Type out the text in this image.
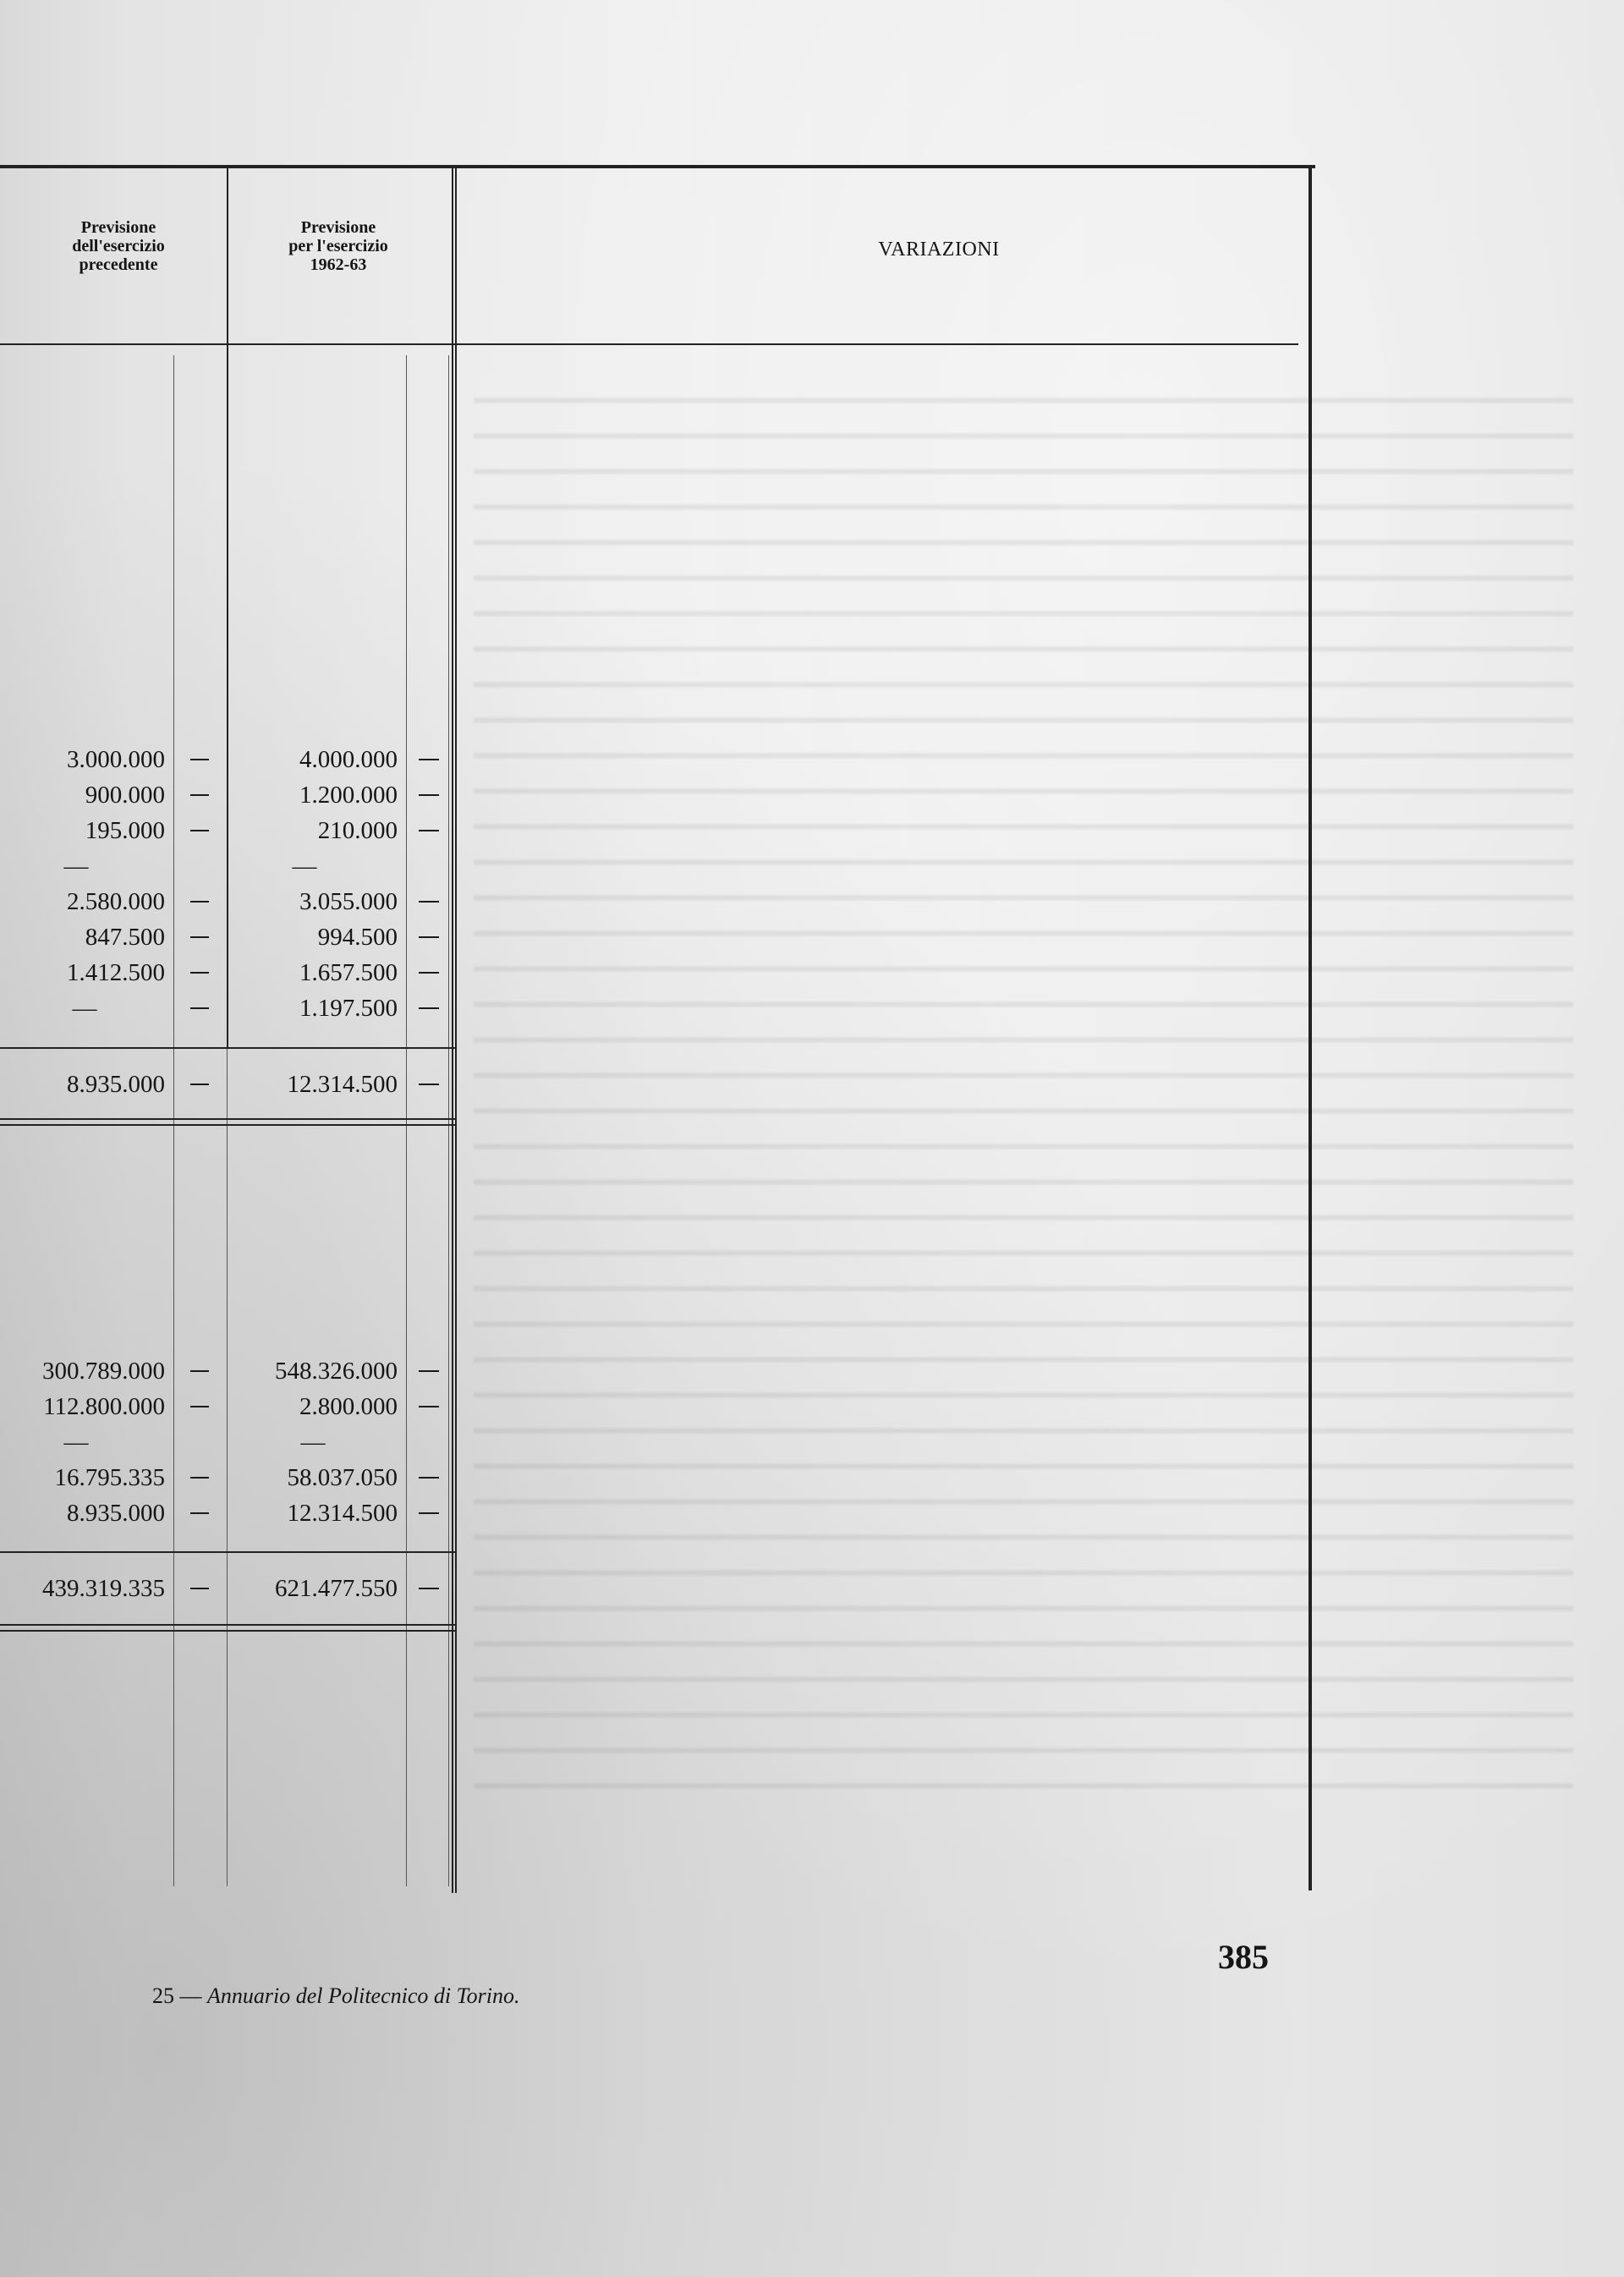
Previsione
dell'esercizio
precedente
Previsione
per l'esercizio
1962-63
VARIAZIONI
3.000.000	4.000.000
900.000	1.200.000
195.000	210.000
—	—
2.580.000	3.055.000
847.500	994.500
1.412.500	1.657.500
—	1.197.500
8.935.000	12.314.500
300.789.000	548.326.000
112.800.000	2.800.000
—	—
16.795.335	58.037.050
8.935.000	12.314.500
439.319.335	621.477.550
25 — Annuario del Politecnico di Torino.
385
